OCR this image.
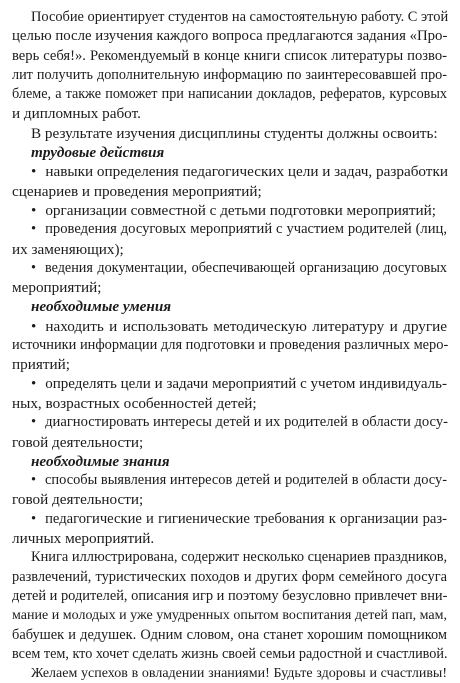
Пособие ориентирует студентов на самостоятельную работу. С этой
целью после изучения каждого вопроса предлагаются задания «Про-
верь себя!». Рекомендуемый в конце книги список литературы позво-
лит получить дополнительную информацию по заинтересовавшей про-
блеме, а также поможет при написании докладов, рефератов, курсовых
и дипломных работ.
В результате изучения дисциплины студенты должны освоить:
трудовые действия
• навыки определения педагогических цели и задач, разработки
сценариев и проведения мероприятий;
• организации совместной с детьми подготовки мероприятий;
• проведения досуговых мероприятий с участием родителей (лиц,
их заменяющих);
• ведения документации, обеспечивающей организацию досуговых
мероприятий;
необходимые умения
• находить и использовать методическую литературу и другие
источники информации для подготовки и проведения различных меро-
приятий;
• определять цели и задачи мероприятий с учетом индивидуаль-
ных, возрастных особенностей детей;
• диагностировать интересы детей и их родителей в области досу-
говой деятельности;
необходимые знания
• способы выявления интересов детей и родителей в области досу-
говой деятельности;
• педагогические и гигиенические требования к организации раз-
личных мероприятий.
Книга иллюстрирована, содержит несколько сценариев праздников,
развлечений, туристических походов и других форм семейного досуга
детей и родителей, описания игр и поэтому безусловно привлечет вни-
мание и молодых и уже умудренных опытом воспитания детей пап, мам,
бабушек и дедушек. Одним словом, она станет хорошим помощником
всем тем, кто хочет сделать жизнь своей семьи радостной и счастливой.
Желаем успехов в овладении знаниями! Будьте здоровы и счастливы!
